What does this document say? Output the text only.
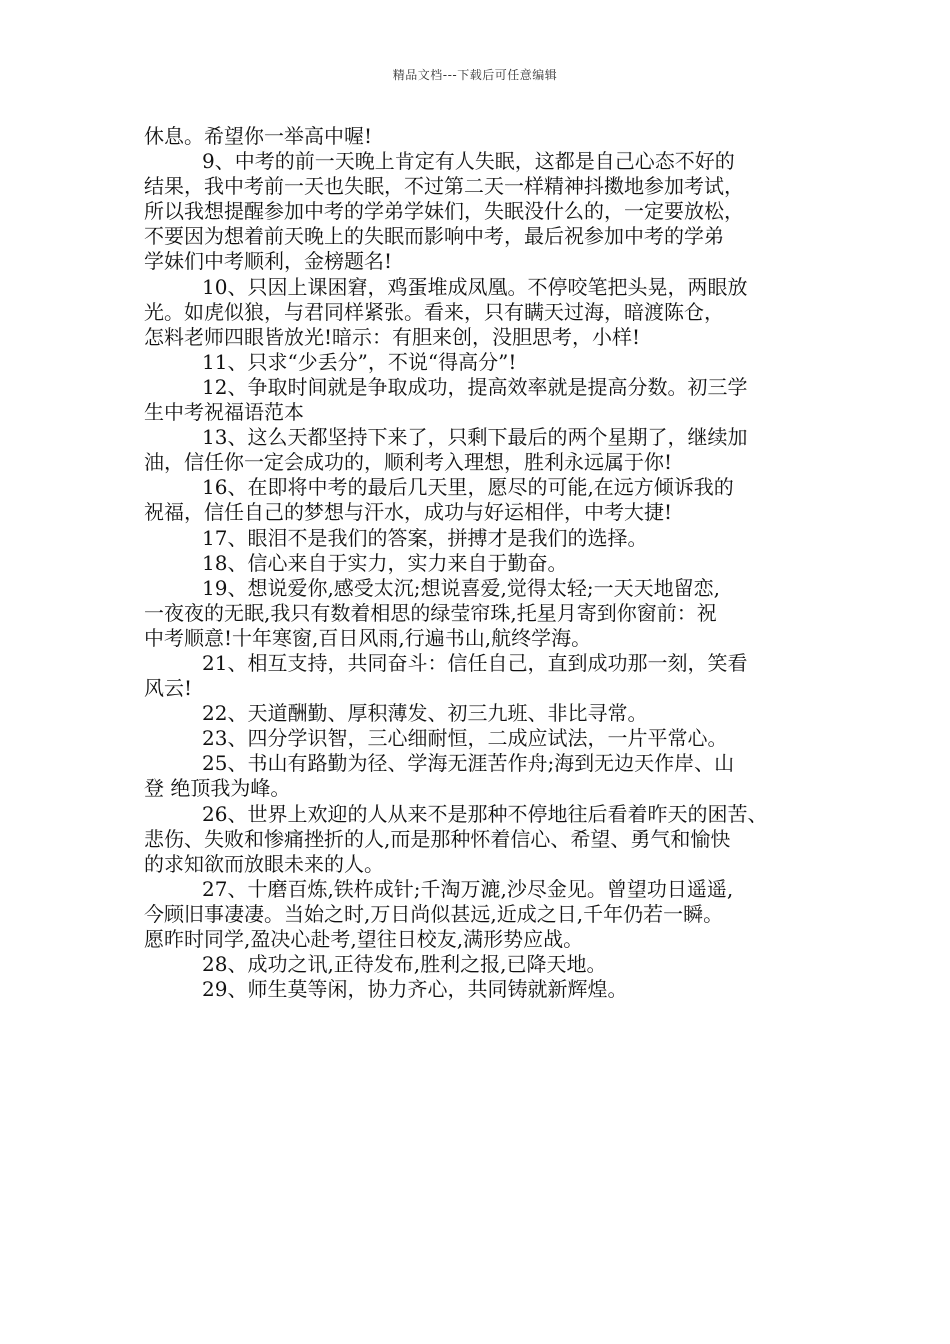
精品文档---下载后可任意编辑
休息。希望你一举高中喔!
9、中考的前一天晚上肯定有人失眠，这都是自己心态不好的
结果，我中考前一天也失眠，不过第二天一样精神抖擞地参加考试，
所以我想提醒参加中考的学弟学妹们，失眠没什么的，一定要放松，
不要因为想着前天晚上的失眠而影响中考，最后祝参加中考的学弟
学妹们中考顺利，金榜题名!
10、只因上课困窘，鸡蛋堆成凤凰。不停咬笔把头晃，两眼放
光。如虎似狼，与君同样紧张。看来，只有瞒天过海，暗渡陈仓，
怎料老师四眼皆放光!暗示：有胆来创，没胆思考，小样!
11、只求“少丢分”，不说“得高分”!
12、争取时间就是争取成功，提高效率就是提高分数。初三学
生中考祝福语范本
13、这么天都坚持下来了，只剩下最后的两个星期了，继续加
油，信任你一定会成功的，顺利考入理想，胜利永远属于你!
16、在即将中考的最后几天里，愿尽的可能,在远方倾诉我的
祝福，信任自己的梦想与汗水，成功与好运相伴，中考大捷!
17、眼泪不是我们的答案，拼搏才是我们的选择。
18、信心来自于实力，实力来自于勤奋。
19、想说爱你,感受太沉;想说喜爱,觉得太轻;一天天地留恋,
一夜夜的无眠,我只有数着相思的绿莹帘珠,托星月寄到你窗前：祝
中考顺意!十年寒窗,百日风雨,行遍书山,航终学海。
21、相互支持，共同奋斗：信任自己，直到成功那一刻，笑看
风云!
22、天道酬勤、厚积薄发、初三九班、非比寻常。
23、四分学识智，三心细耐恒，二成应试法，一片平常心。
25、书山有路勤为径、学海无涯苦作舟;海到无边天作岸、山
登 绝顶我为峰。
26、世界上欢迎的人从来不是那种不停地往后看着昨天的困苦、
悲伤、失败和惨痛挫折的人,而是那种怀着信心、希望、勇气和愉快
的求知欲而放眼未来的人。
27、十磨百炼,铁杵成针;千淘万漉,沙尽金见。曾望功日遥遥,
今顾旧事凄凄。当始之时,万日尚似甚远,近成之日,千年仍若一瞬。
愿昨时同学,盈决心赴考,望往日校友,满形势应战。
28、成功之讯,正待发布,胜利之报,已降天地。
29、师生莫等闲，协力齐心，共同铸就新辉煌。
